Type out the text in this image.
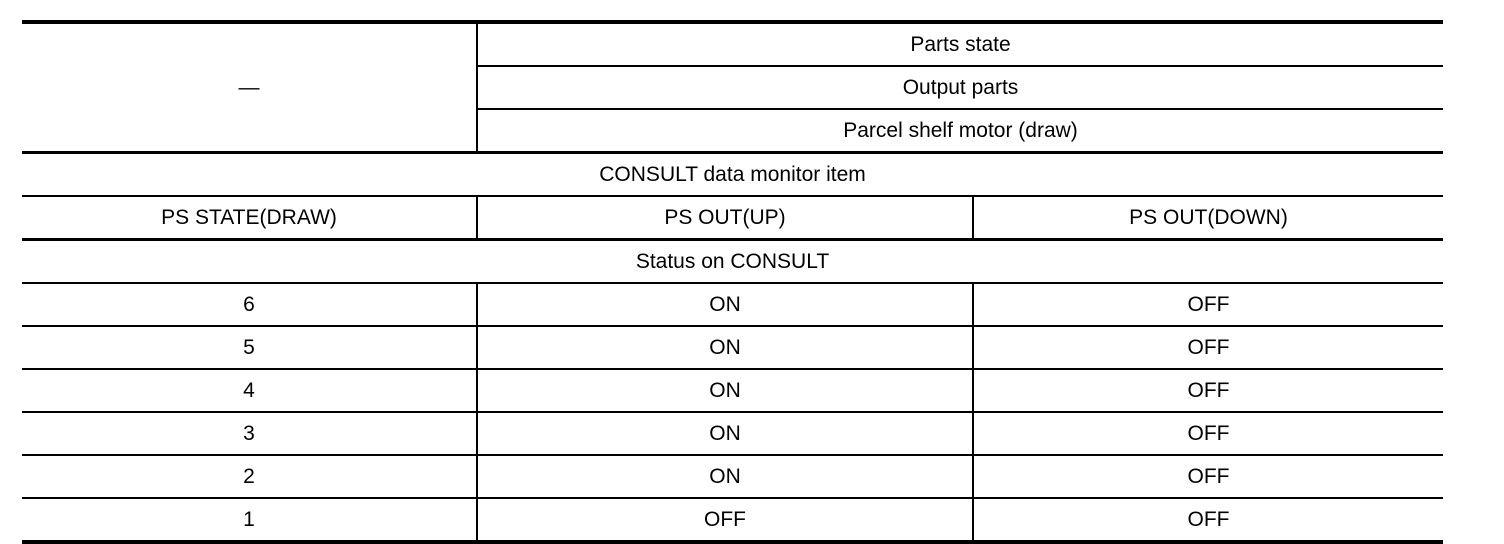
—	Parts state	
	Output parts	
	Parcel shelf motor (draw)	
CONSULT data monitor item		
PS STATE(DRAW)	PS OUT(UP)	PS OUT(DOWN)
Status on CONSULT		
6	ON	OFF
5	ON	OFF
4	ON	OFF
3	ON	OFF
2	ON	OFF
1	OFF	OFF
